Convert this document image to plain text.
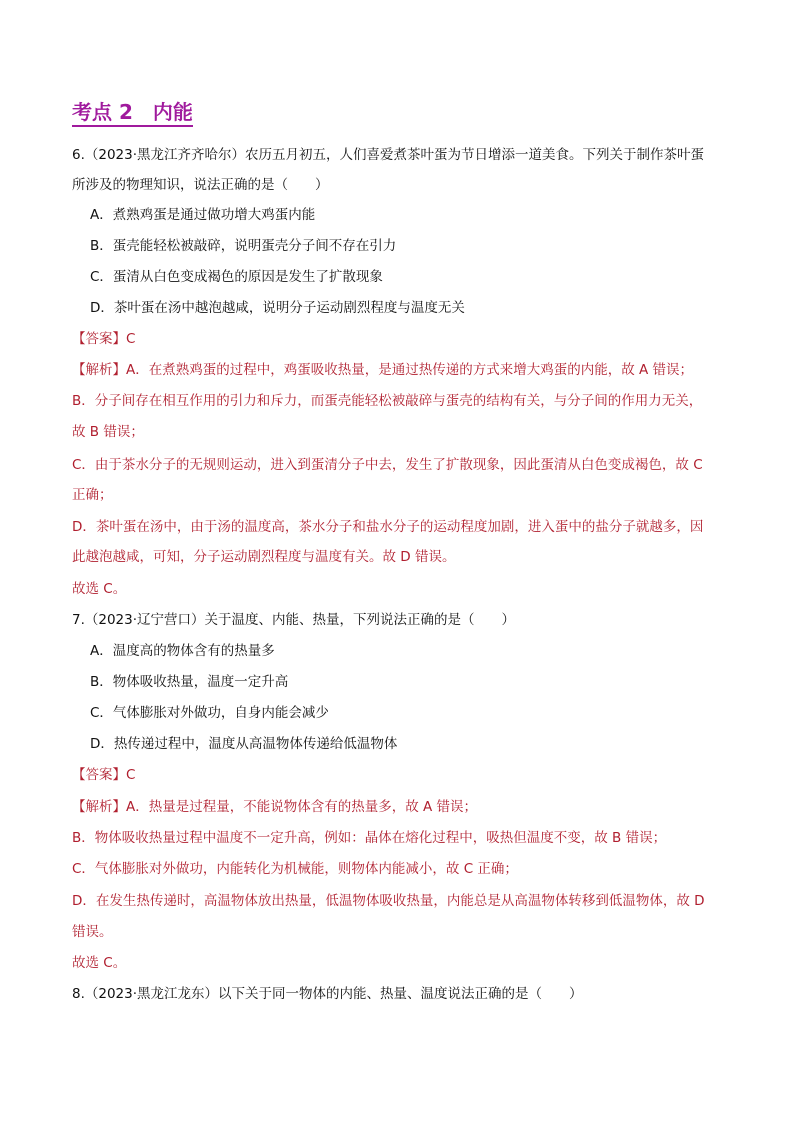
考点 2　内能
6.（2023·黑龙江齐齐哈尔）农历五月初五，人们喜爱煮茶叶蛋为节日增添一道美食。下列关于制作茶叶蛋
所涉及的物理知识，说法正确的是（　　）
A．煮熟鸡蛋是通过做功增大鸡蛋内能
B．蛋壳能轻松被敲碎，说明蛋壳分子间不存在引力
C．蛋清从白色变成褐色的原因是发生了扩散现象
D．茶叶蛋在汤中越泡越咸，说明分子运动剧烈程度与温度无关
【答案】C
【解析】A．在煮熟鸡蛋的过程中，鸡蛋吸收热量，是通过热传递的方式来增大鸡蛋的内能，故 A 错误；
B．分子间存在相互作用的引力和斥力，而蛋壳能轻松被敲碎与蛋壳的结构有关，与分子间的作用力无关，
故 B 错误；
C．由于茶水分子的无规则运动，进入到蛋清分子中去，发生了扩散现象，因此蛋清从白色变成褐色，故 C
正确；
D．茶叶蛋在汤中，由于汤的温度高，茶水分子和盐水分子的运动程度加剧，进入蛋中的盐分子就越多，因
此越泡越咸，可知，分子运动剧烈程度与温度有关。故 D 错误。
故选 C。
7.（2023·辽宁营口）关于温度、内能、热量，下列说法正确的是（　　）
A．温度高的物体含有的热量多
B．物体吸收热量，温度一定升高
C．气体膨胀对外做功，自身内能会减少
D．热传递过程中，温度从高温物体传递给低温物体
【答案】C
【解析】A．热量是过程量，不能说物体含有的热量多，故 A 错误；
B．物体吸收热量过程中温度不一定升高，例如：晶体在熔化过程中，吸热但温度不变，故 B 错误；
C．气体膨胀对外做功，内能转化为机械能，则物体内能减小，故 C 正确；
D．在发生热传递时，高温物体放出热量，低温物体吸收热量，内能总是从高温物体转移到低温物体，故 D
错误。
故选 C。
8.（2023·黑龙江龙东）以下关于同一物体的内能、热量、温度说法正确的是（　　）
